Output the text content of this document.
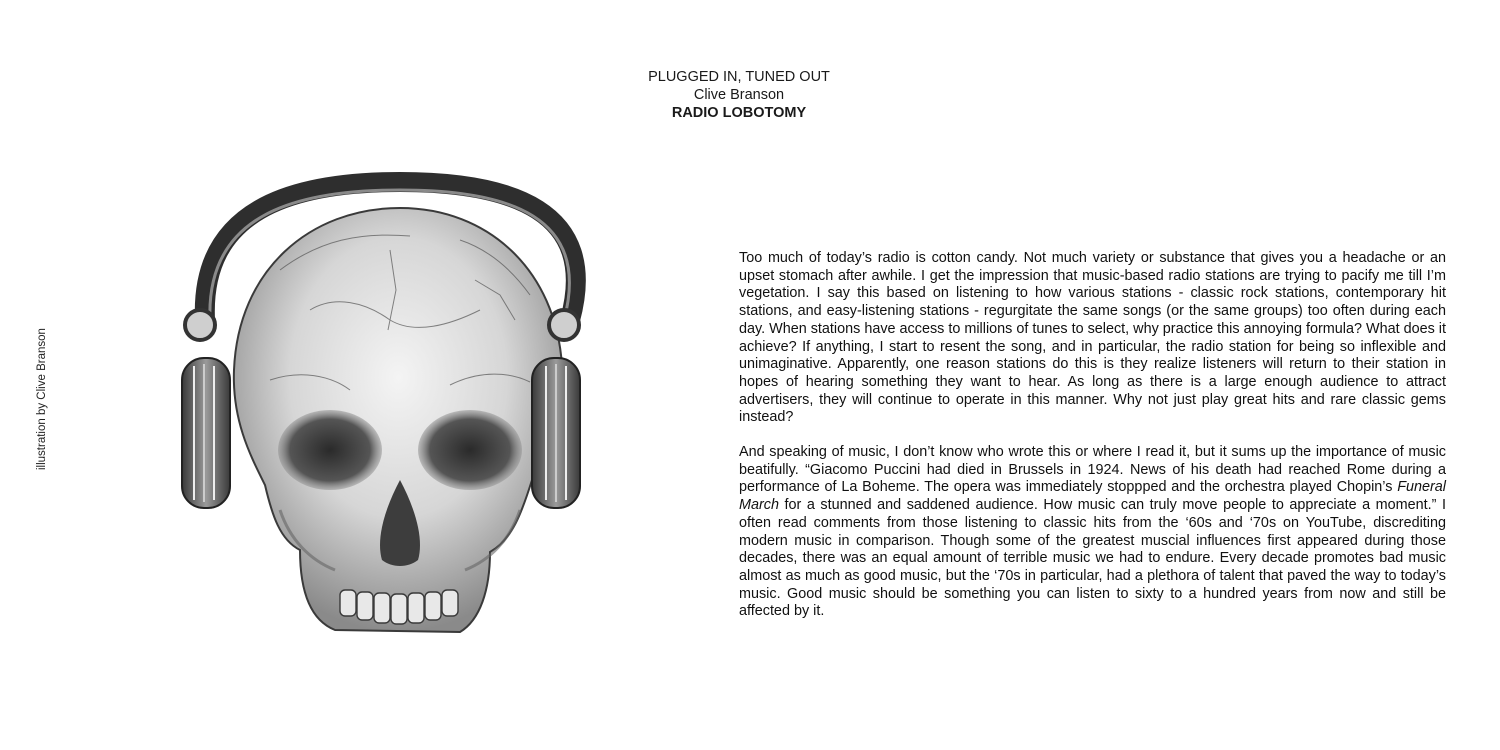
PLUGGED IN, TUNED OUT
Clive Branson
RADIO LOBOTOMY
illustration by Clive Branson

Too much of today’s radio is cotton candy. Not much variety or substance that gives you a headache or an upset stomach after awhile. I get the impression that music-based radio stations are trying to pacify me till I’m vegetation. I say this based on listening to how various stations - classic rock stations, contemporary hit stations, and easy-listening stations - regurgitate the same songs (or the same groups) too often during each day. When stations have access to millions of tunes to select, why practice this annoying formula? What does it achieve? If anything, I start to resent the song, and in particular, the radio station for being so inflexible and unimaginative. Apparently, one reason stations do this is they realize listeners will return to their station in hopes of hearing something they want to hear. As long as there is a large enough audience to attract advertisers, they will continue to operate in this manner. Why not just play great hits and rare classic gems instead?

And speaking of music, I don’t know who wrote this or where I read it, but it sums up the importance of music beatifully. “Giacomo Puccini had died in Brussels in 1924. News of his death had reached Rome during a performance of La Boheme. The opera was immediately stoppped and the orchestra played Chopin’s Funeral March for a stunned and saddened audience. How music can truly move people to appreciate a moment.” I often read comments from those listening to classic hits from the ‘60s and ‘70s on YouTube, discrediting modern music in comparison. Though some of the greatest muscial influences first appeared during those decades, there was an equal amount of terrible music we had to endure. Every decade promotes bad music almost as much as good music, but the ‘70s in particular, had a plethora of talent that paved the way to today’s music. Good music should be something you can listen to sixty to a hundred years from now and still be affected by it.
